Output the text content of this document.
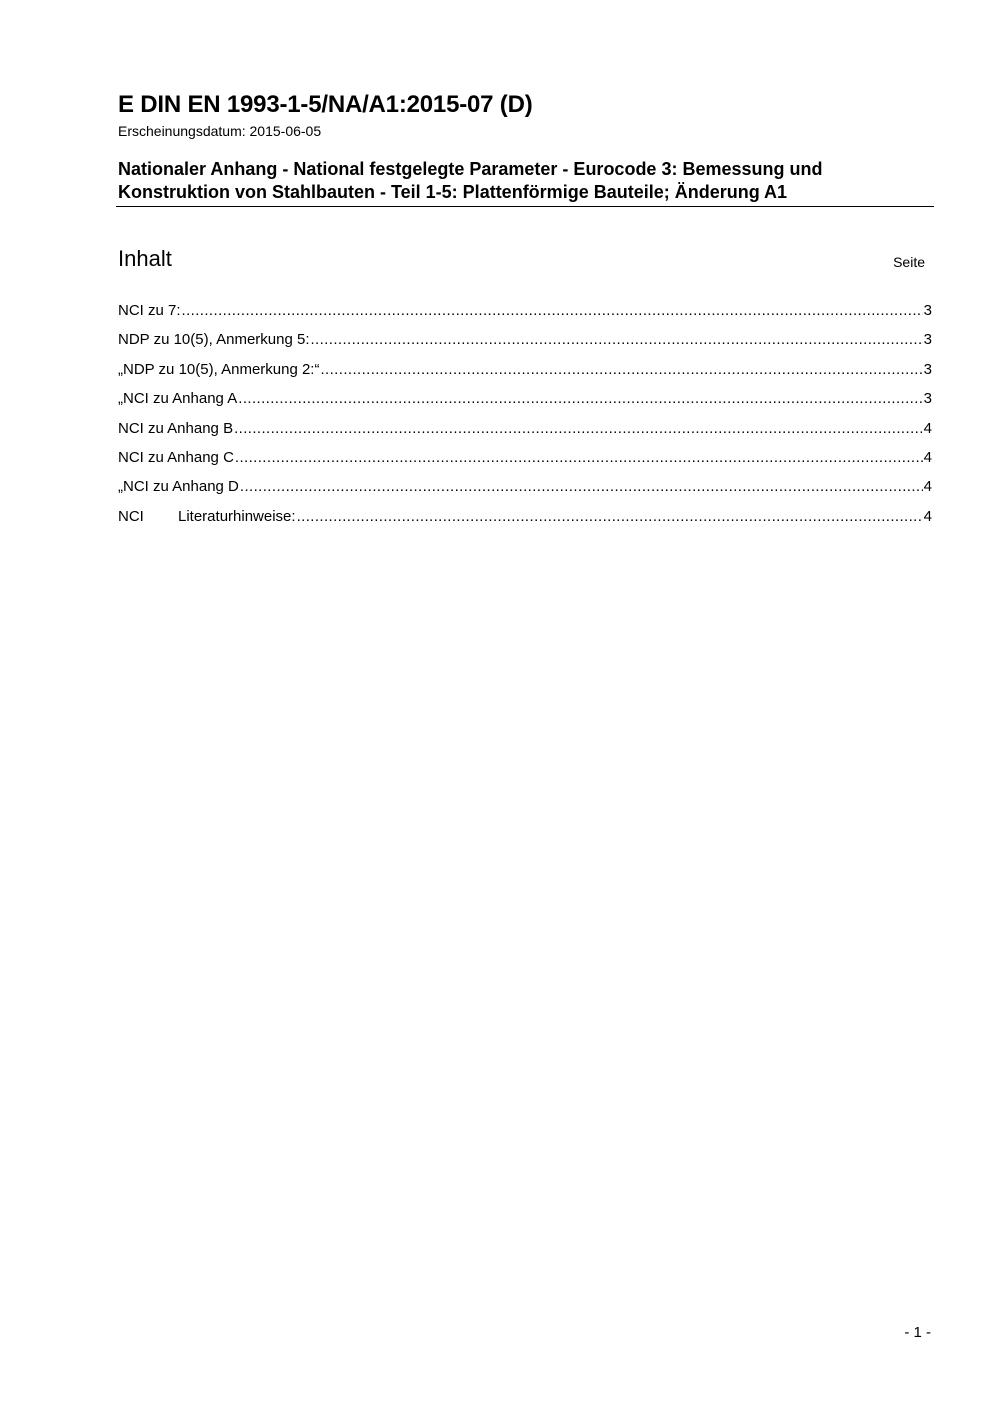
E DIN EN 1993-1-5/NA/A1:2015-07 (D)
Erscheinungsdatum: 2015-06-05
Nationaler Anhang - National festgelegte Parameter - Eurocode 3: Bemessung und
Konstruktion von Stahlbauten - Teil 1-5: Plattenförmige Bauteile; Änderung A1
Inhalt	Seite
NCI zu 7: .....	3
NDP zu 10(5), Anmerkung 5: .....	3
„NDP zu 10(5), Anmerkung 2:“ .....	3
„NCI zu Anhang A .....	3
NCI zu Anhang B .....	4
NCI zu Anhang C .....	4
„NCI zu Anhang D .....	4
NCI Literaturhinweise: .....	4
- 1 -
